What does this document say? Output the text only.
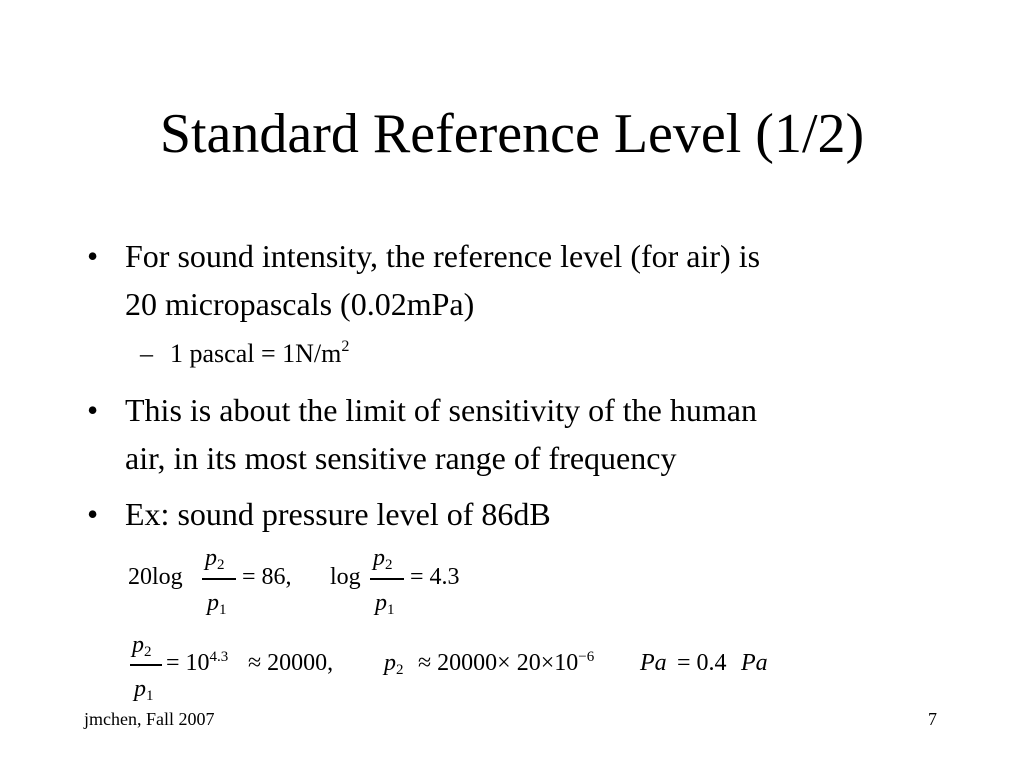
Standard Reference Level (1/2)
• For sound intensity, the reference level (for air) is
20 micropascals (0.02mPa)
– 1 pascal = $1N/m^2$
• This is about the limit of sensitivity of the human
air, in its most sensitive range of frequency
• Ex: sound pressure level of 86dB
20log
p2
p1
= 86, log
p2
p1
= 4.3
p2
p1
= $10^{4.3} \approx 20000$, $p2 \approx 20000\times 20\times 10^{-6}$ Pa = 0.4 Pa
jmchen, Fall 2007	7
